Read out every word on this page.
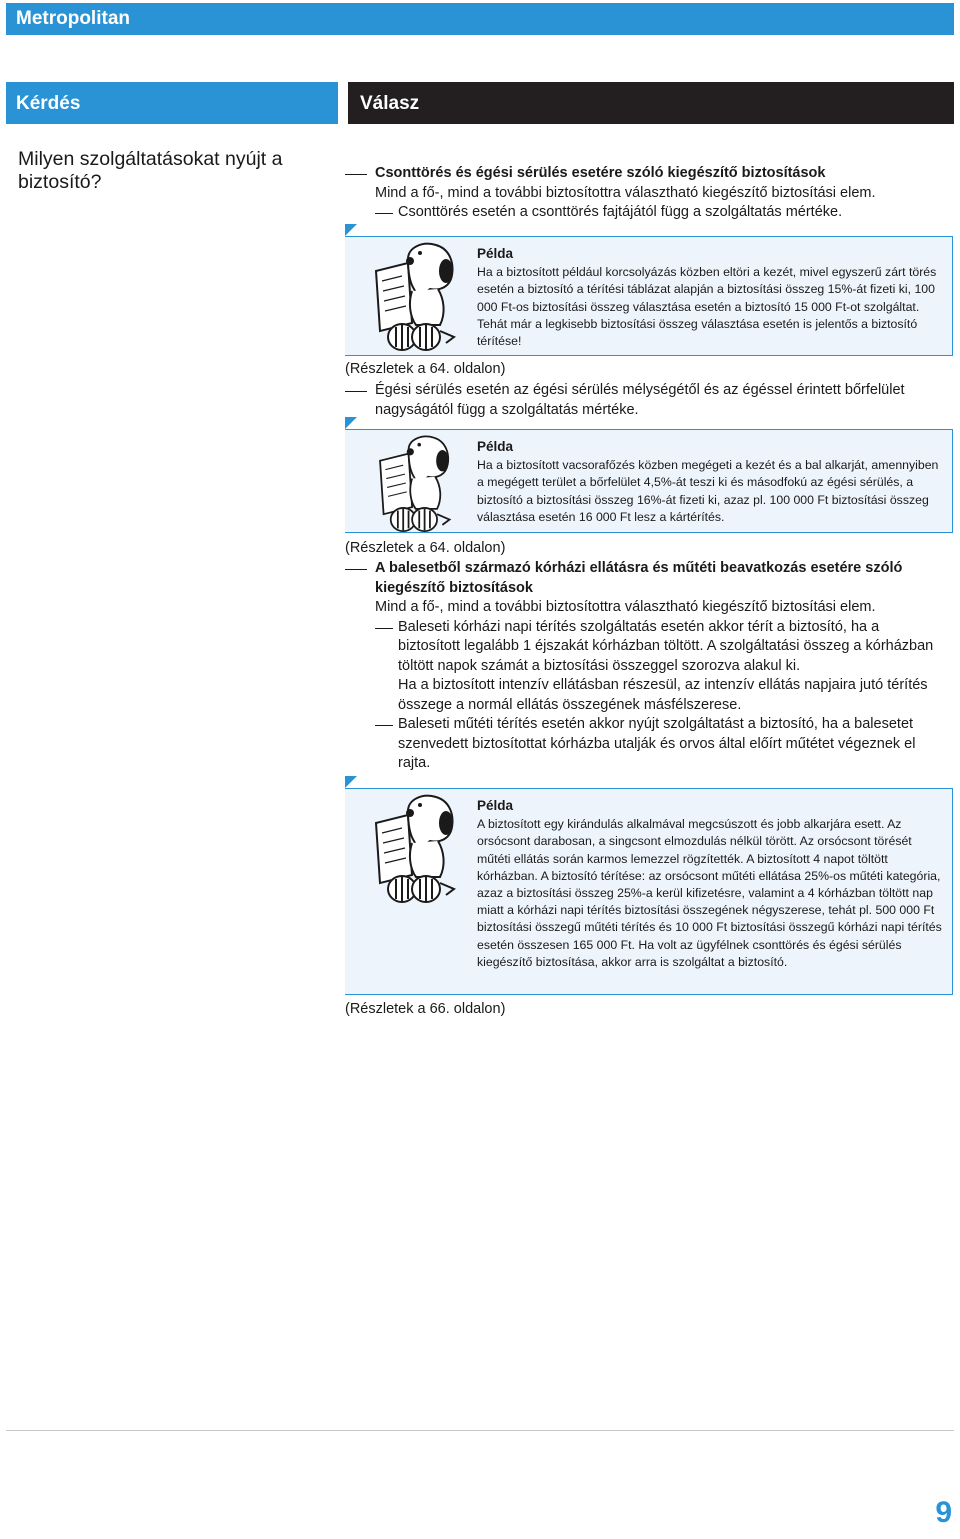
Metropolitan
Kérdés	Válasz
Milyen szolgáltatásokat nyújt a biztosító?	Csonttörés és égési sérülés esetére szóló kiegészítő biztosítások
Mind a fő-, mind a további biztosítottra választható kiegészítő biztosítási elem.
Csonttörés esetén a csonttörés fajtájától függ a szolgáltatás mértéke.
Példa
Ha a biztosított például korcsolyázás közben eltöri a kezét, mivel egyszerű zárt törés esetén a biztosító a térítési táblázat alapján a biztosítási összeg 15%-át fizeti ki, 100 000 Ft-os biztosítási összeg választása esetén a biztosító 15 000 Ft-ot szolgáltat. Tehát már a legkisebb biztosítási összeg választása esetén is jelentős a biztosító térítése!
(Részletek a 64. oldalon)
Égési sérülés esetén az égési sérülés mélységétől és az égéssel érintett bőrfelület nagyságától függ a szolgáltatás mértéke.
Példa
Ha a biztosított vacsorafőzés közben megégeti a kezét és a bal alkarját, amennyiben a megégett terület a bőrfelület 4,5%-át teszi ki és másodfokú az égési sérülés, a biztosító a biztosítási összeg 16%-át fizeti ki, azaz pl. 100 000 Ft biztosítási összeg választása esetén 16 000 Ft lesz a kártérítés.
(Részletek a 64. oldalon)
A balesetből származó kórházi ellátásra és műtéti beavatkozás esetére szóló kiegészítő biztosítások
Mind a fő-, mind a további biztosítottra választható kiegészítő biztosítási elem.
Baleseti kórházi napi térítés szolgáltatás esetén akkor térít a biztosító, ha a biztosított legalább 1 éjszakát kórházban töltött. A szolgáltatási összeg a kórházban töltött napok számát a biztosítási összeggel szorozva alakul ki.
Ha a biztosított intenzív ellátásban részesül, az intenzív ellátás napjaira jutó térítés összege a normál ellátás összegének másfélszerese.
Baleseti műtéti térítés esetén akkor nyújt szolgáltatást a biztosító, ha a balesetet szenvedett biztosítottat kórházba utalják és orvos által előírt műtétet végeznek el rajta.
Példa
A biztosított egy kirándulás alkalmával megcsúszott és jobb alkarjára esett. Az orsócsont darabosan, a singcsont elmozdulás nélkül törött. Az orsócsont törését műtéti ellátás során karmos lemezzel rögzítették. A biztosított 4 napot töltött kórházban. A biztosító térítése: az orsócsont műtéti ellátása 25%-os műtéti kategória, azaz a biztosítási összeg 25%-a kerül kifizetésre, valamint a 4 kórházban töltött nap miatt a kórházi napi térítés biztosítási összegének négyszerese, tehát pl. 500 000 Ft biztosítási összegű műtéti térítés és 10 000 Ft biztosítási összegű kórházi napi térítés esetén összesen 165 000 Ft. Ha volt az ügyfélnek csonttörés és égési sérülés kiegészítő biztosítása, akkor arra is szolgáltat a biztosító.
(Részletek a 66. oldalon)
9
